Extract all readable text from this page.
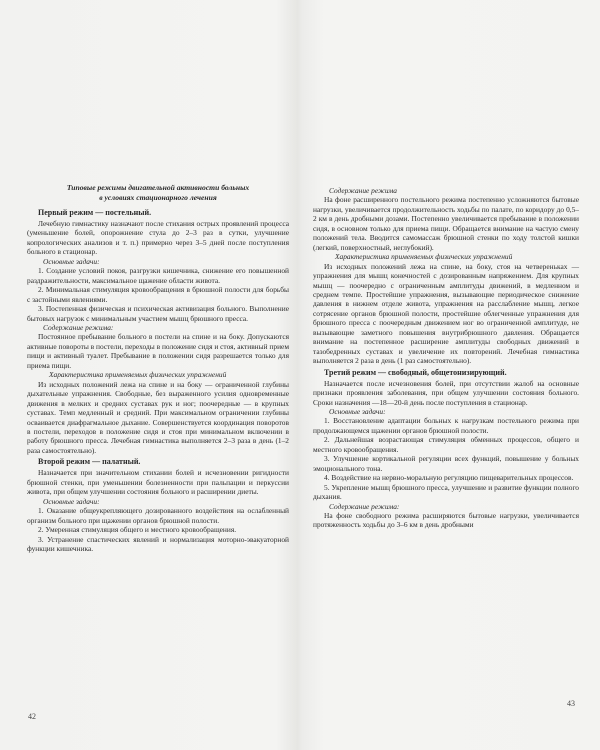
Типовые режимы двигательной активности больных
в условиях стационарного лечения

Первый режим — постельный.

Лечебную гимнастику назначают после стихания острых проявлений процесса (уменьшение болей, опорожнение стула до 2–3 раз в сутки, улучшение копрологических анализов и т. п.) примерно через 3–5 дней после поступления больного в стационар.

Основные задачи:

1. Создание условий покоя, разгрузки кишечника, снижение его повышенной раздражительности, максимальное щажение области живота.

2. Минимальная стимуляция кровообращения в брюшной полости для борьбы с застойными явлениями.

3. Постепенная физическая и психическая активизация больного. Выполнение бытовых нагрузок с минимальным участием мышц брюшного пресса.

Содержание режима:

Постоянное пребывание больного в постели на спине и на боку. Допускаются активные повороты в постели, переходы в положение сидя и стоя, активный прием пищи и активный туалет. Пребывание в положении сидя разрешается только для приема пищи.

Характеристика применяемых физических упражнений

Из исходных положений лежа на спине и на боку — ограниченной глубины дыхательные упражнения. Свободные, без выраженного усилия одновременные движения в мелких и средних суставах рук и ног; поочередные — в крупных суставах. Темп медленный и средний. При максимальном ограничении глубины осваивается диафрагмальное дыхание. Совершенствуется координация поворотов в постели, переходов в положение сидя и стоя при минимальном включении в работу брюшного пресса. Лечебная гимнастика выполняется 2–3 раза в день (1–2 раза самостоятельно).

Второй режим — палатный.

Назначается при значительном стихании болей и исчезновении ригидности брюшной стенки, при уменьшении болезненности при пальпации и перкуссии живота, при общем улучшении состояния больного и расширении диеты.

Основные задачи:

1. Оказание общеукрепляющего дозированного воздействия на ослабленный организм больного при щажении органов брюшной полости.

2. Умеренная стимуляция общего и местного кровообращения.

3. Устранение спастических явлений и нормализация моторно-эвакуаторной функции кишечника.

42

Содержание режима

На фоне расширенного постельного режима постепенно усложняются бытовые нагрузки, увеличивается продолжительность ходьбы по палате, по коридору до 0,5–2 км в день дробными дозами. Постепенно увеличивается пребывание в положении сидя, в основном только для приема пищи. Обращается внимание на частую смену положений тела. Вводится самомассаж брюшной стенки по ходу толстой кишки (легкий, поверхностный, неглубокий).

Характеристика применяемых физических упражнений

Из исходных положений лежа на спине, на боку, стоя на четвереньках — упражнения для мышц конечностей с дозированным напряжением. Для крупных мышц — поочередно с ограниченным амплитуды движений, в медленном и среднем темпе. Простейшие упражнения, вызывающие периодическое снижение давления в нижнем отделе живота, упражнения на расслабление мышц, легкое сотрясение органов брюшной полости, простейшие облегченные упражнения для брюшного пресса с поочередным движением ног во ограниченной амплитуде, не вызывающие заметного повышения внутрибрюшного давления. Обращается внимание на постепенное расширение амплитуды свободных движений в тазобедренных суставах и увеличение их повторений. Лечебная гимнастика выполняется 2 раза в день (1 раз самостоятельно).

Третий режим — свободный, общетонизирующий.

Назначается после исчезновения болей, при отсутствии жалоб на основные признаки проявления заболевания, при общем улучшении состояния больного. Сроки назначения —18—20-й день после поступления в стационар.

Основные задачи:

1. Восстановление адаптации больных к нагрузкам постельного режима при продолжающемся щажении органов брюшной полости.

2. Дальнейшая возрастающая стимуляция обменных процессов, общего и местного кровообращения.

3. Улучшение кортикальной регуляции всех функций, повышение у больных эмоционального тона.

4. Воздействие на нервно-моральную регуляцию пищеварительных процессов.

5. Укрепление мышц брюшного пресса, улучшение и развитие функции полного дыхания.

Содержание режима:

На фоне свободного режима расширяются бытовые нагрузки, увеличивается протяженность ходьбы до 3–6 км в день дробными

43
